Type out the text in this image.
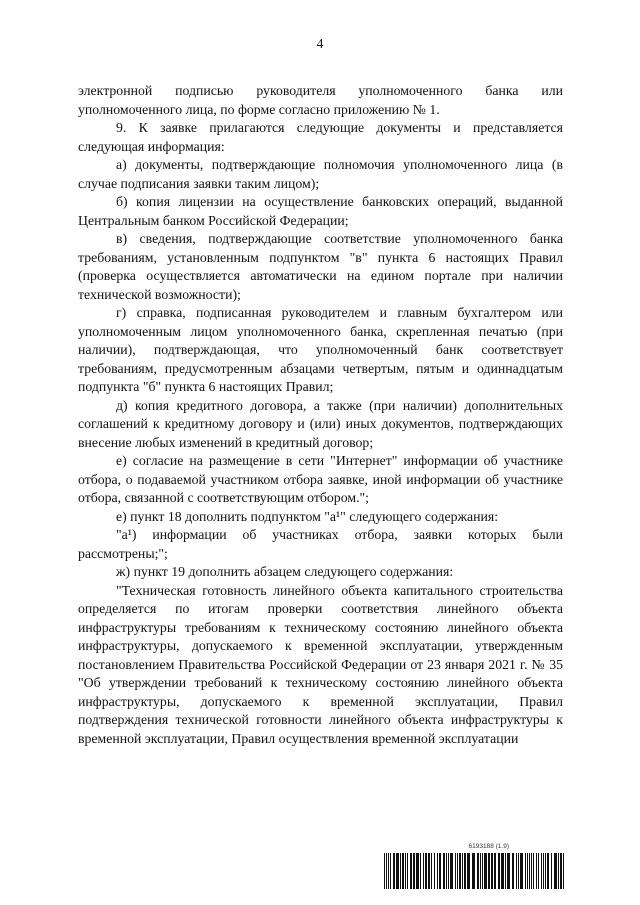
4

электронной подписью руководителя уполномоченного банка или уполномоченного лица, по форме согласно приложению № 1.

9. К заявке прилагаются следующие документы и представляется следующая информация:

а) документы, подтверждающие полномочия уполномоченного лица (в случае подписания заявки таким лицом);

б) копия лицензии на осуществление банковских операций, выданной Центральным банком Российской Федерации;

в) сведения, подтверждающие соответствие уполномоченного банка требованиям, установленным подпунктом "в" пункта 6 настоящих Правил (проверка осуществляется автоматически на едином портале при наличии технической возможности);

г) справка, подписанная руководителем и главным бухгалтером или уполномоченным лицом уполномоченного банка, скрепленная печатью (при наличии), подтверждающая, что уполномоченный банк соответствует требованиям, предусмотренным абзацами четвертым, пятым и одиннадцатым подпункта "б" пункта 6 настоящих Правил;

д) копия кредитного договора, а также (при наличии) дополнительных соглашений к кредитному договору и (или) иных документов, подтверждающих внесение любых изменений в кредитный договор;

е) согласие на размещение в сети "Интернет" информации об участнике отбора, о подаваемой участником отбора заявке, иной информации об участнике отбора, связанной с соответствующим отбором.";

е) пункт 18 дополнить подпунктом "а¹" следующего содержания:

"а¹) информации об участниках отбора, заявки которых были рассмотрены;";

ж) пункт 19 дополнить абзацем следующего содержания:

"Техническая готовность линейного объекта капитального строительства определяется по итогам проверки соответствия линейного объекта инфраструктуры требованиям к техническому состоянию линейного объекта инфраструктуры, допускаемого к временной эксплуатации, утвержденным постановлением Правительства Российской Федерации от 23 января 2021 г. № 35 "Об утверждении требований к техническому состоянию линейного объекта инфраструктуры, допускаемого к временной эксплуатации, Правил подтверждения технической готовности линейного объекта инфраструктуры к временной эксплуатации, Правил осуществления временной эксплуатации

6193188 (1.9)
